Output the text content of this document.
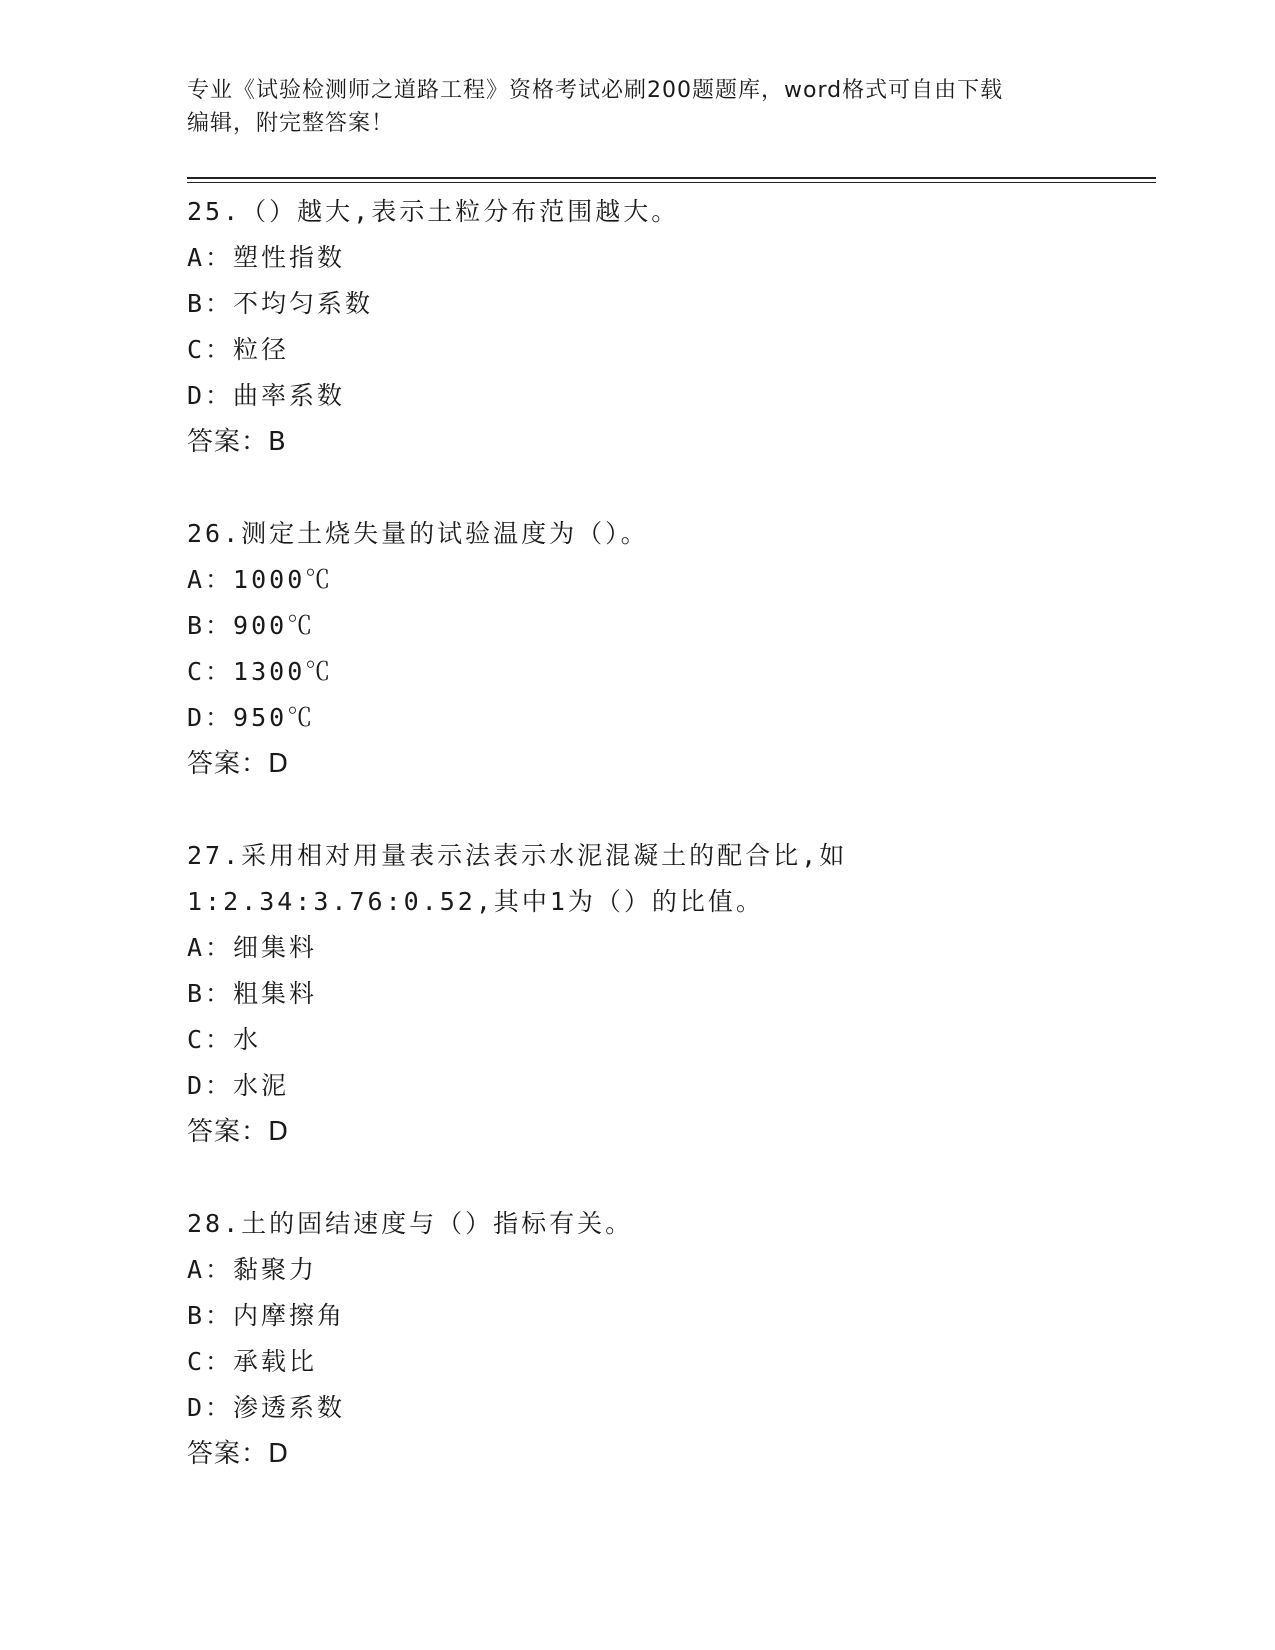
专业《试验检测师之道路工程》资格考试必刷200题题库，word格式可自由下载
编辑，附完整答案！
25.（）越大,表示土粒分布范围越大。
A：塑性指数
B：不均匀系数
C：粒径
D：曲率系数
答案：B
26.测定土烧失量的试验温度为（）。
A：1000℃
B：900℃
C：1300℃
D：950℃
答案：D
27.采用相对用量表示法表示水泥混凝土的配合比,如
1:2.34:3.76:0.52,其中1为（）的比值。
A：细集料
B：粗集料
C：水
D：水泥
答案：D
28.土的固结速度与（）指标有关。
A：黏聚力
B：内摩擦角
C：承载比
D：渗透系数
答案：D
